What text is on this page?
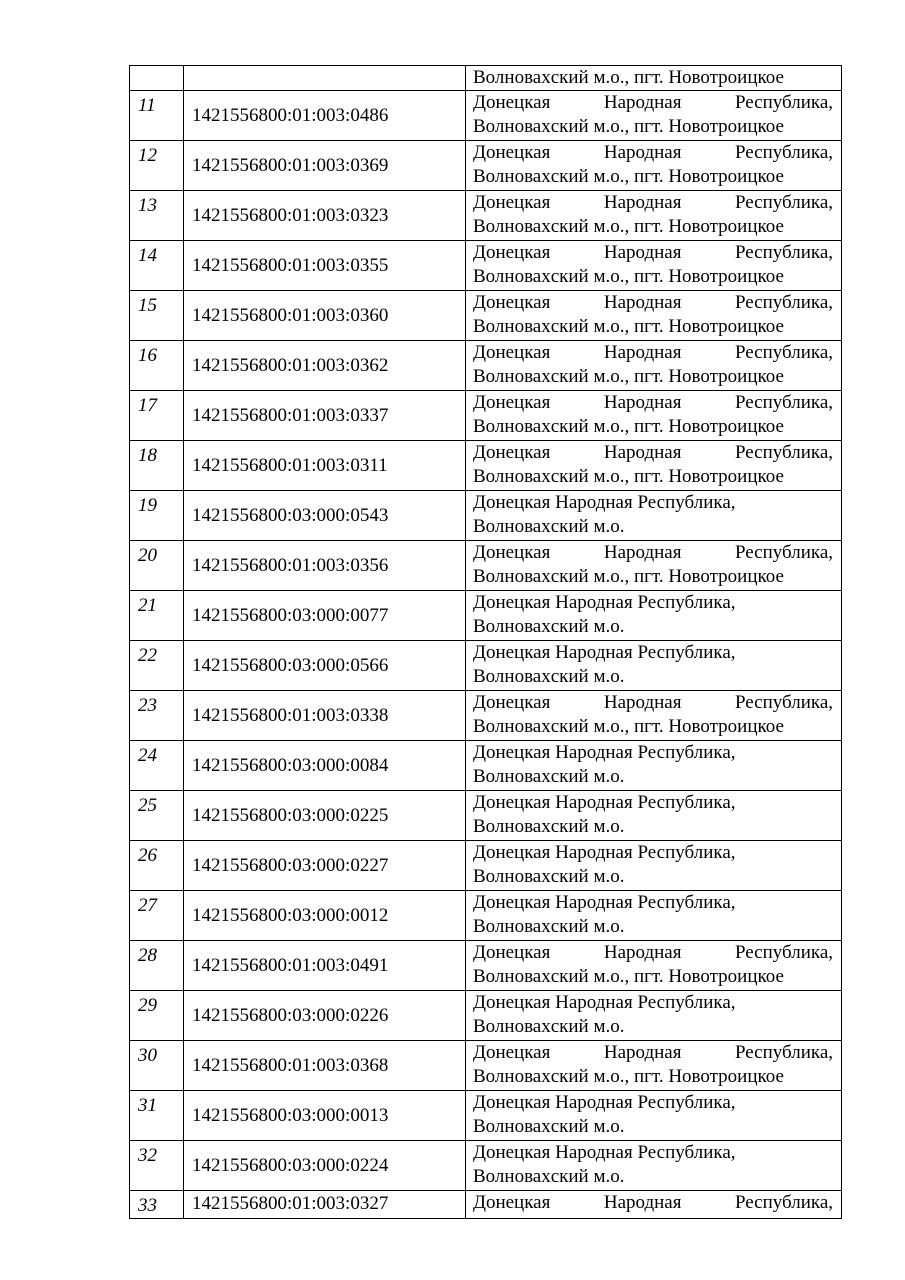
		Волноваxский м.о., пгт. Новотроицкое

11	1421556800:01:003:0486	Донецкая Народная Республика,
Волноваxский м.о., пгт. Новотроицкое

12	1421556800:01:003:0369	Донецкая Народная Республика,
Волноваxский м.о., пгт. Новотроицкое

13	1421556800:01:003:0323	Донецкая Народная Республика,
Волноваxский м.о., пгт. Новотроицкое

14	1421556800:01:003:0355	Донецкая Народная Республика,
Волноваxский м.о., пгт. Новотроицкое

15	1421556800:01:003:0360	Донецкая Народная Республика,
Волноваxский м.о., пгт. Новотроицкое

16	1421556800:01:003:0362	Донецкая Народная Республика,
Волноваxский м.о., пгт. Новотроицкое

17	1421556800:01:003:0337	Донецкая Народная Республика,
Волноваxский м.о., пгт. Новотроицкое

18	1421556800:01:003:0311	Донецкая Народная Республика,
Волноваxский м.о., пгт. Новотроицкое

19	1421556800:03:000:0543	Донецкая Народная Республика,
Волноваxский м.о.

20	1421556800:01:003:0356	Донецкая Народная Республика,
Волноваxский м.о., пгт. Новотроицкое

21	1421556800:03:000:0077	Донецкая Народная Республика,
Волноваxский м.о.

22	1421556800:03:000:0566	Донецкая Народная Республика,
Волноваxский м.о.

23	1421556800:01:003:0338	Донецкая Народная Республика,
Волноваxский м.о., пгт. Новотроицкое

24	1421556800:03:000:0084	Донецкая Народная Республика,
Волноваxский м.о.

25	1421556800:03:000:0225	Донецкая Народная Республика,
Волноваxский м.о.

26	1421556800:03:000:0227	Донецкая Народная Республика,
Волноваxский м.о.

27	1421556800:03:000:0012	Донецкая Народная Республика,
Волноваxский м.о.

28	1421556800:01:003:0491	Донецкая Народная Республика,
Волноваxский м.о., пгт. Новотроицкое

29	1421556800:03:000:0226	Донецкая Народная Республика,
Волноваxский м.о.

30	1421556800:01:003:0368	Донецкая Народная Республика,
Волноваxский м.о., пгт. Новотроицкое

31	1421556800:03:000:0013	Донецкая Народная Республика,
Волноваxский м.о.

32	1421556800:03:000:0224	Донецкая Народная Республика,
Волноваxский м.о.

33	1421556800:01:003:0327	Донецкая Народная Республика,
